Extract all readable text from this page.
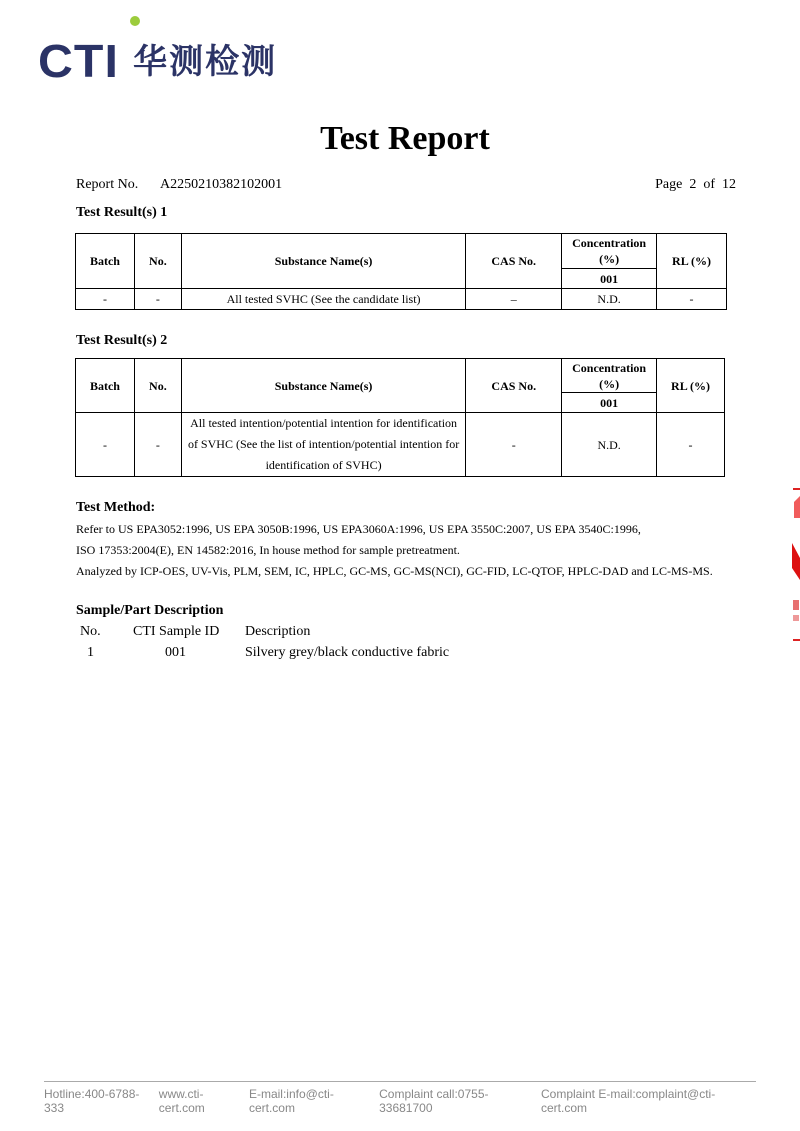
CTI 华测检测
Test Report
Report No. A2250210382102001	Page 2 of 12
Test Result(s) 1
Batch	No.	Substance Name(s)	CAS No.	Concentration (%)	RL (%)
				001	
-	-	All tested SVHC (See the candidate list)	–	N.D.	-
Test Result(s) 2
Batch	No.	Substance Name(s)	CAS No.	Concentration (%)	RL (%)
				001	
-	-	All tested intention/potential intention for identification of SVHC (See the list of intention/potential intention for identification of SVHC)	-	N.D.	-
Test Method:
Refer to US EPA3052:1996, US EPA 3050B:1996, US EPA3060A:1996, US EPA 3550C:2007, US EPA 3540C:1996,
ISO 17353:2004(E), EN 14582:2016, In house method for sample pretreatment.
Analyzed by ICP-OES, UV-Vis, PLM, SEM, IC, HPLC, GC-MS, GC-MS(NCI), GC-FID, LC-QTOF, HPLC-DAD and LC-MS-MS.
Sample/Part Description
No. CTI Sample ID Description
1	001	Silvery grey/black conductive fabric
Hotline:400-6788-333
www.cti-cert.com
E-mail:info@cti-cert.com
Complaint call:0755-33681700
Complaint E-mail:complaint@cti-cert.com
